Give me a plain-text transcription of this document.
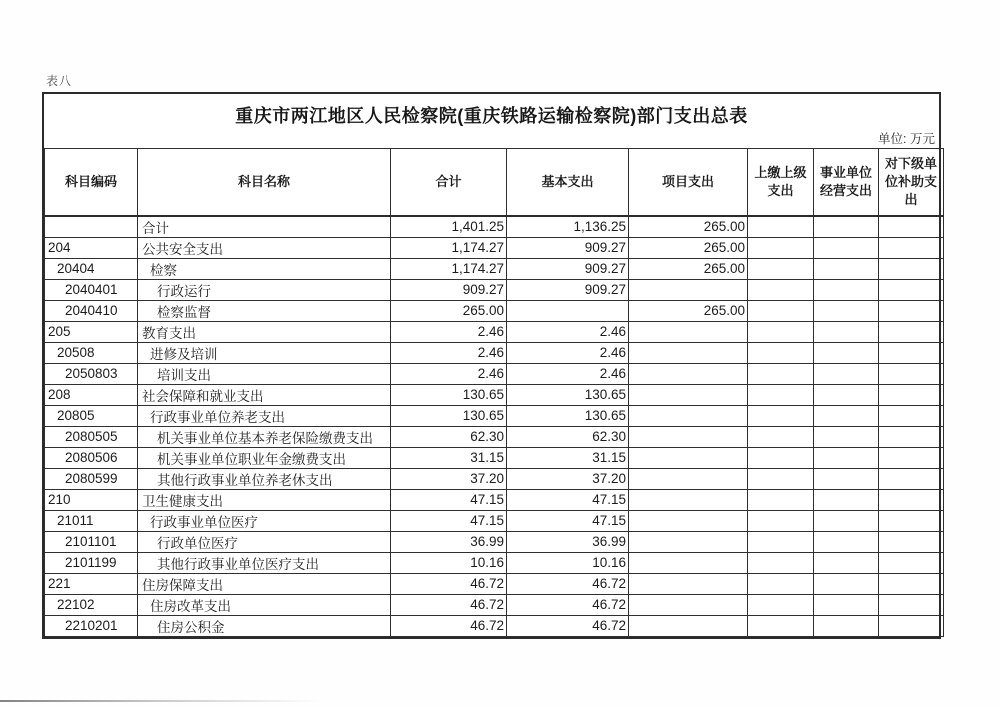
表八
重庆市两江地区人民检察院(重庆铁路运输检察院)部门支出总表
单位: 万元
科目编码	科目名称	合计	基本支出	项目支出	上缴上级支出	事业单位经营支出	对下级单位补助支出
	合计	1,401.25	1,136.25	265.00			
204	公共安全支出	1,174.27	909.27	265.00			
20404	检察	1,174.27	909.27	265.00			
2040401	行政运行	909.27	909.27				
2040410	检察监督	265.00		265.00			
205	教育支出	2.46	2.46				
20508	进修及培训	2.46	2.46				
2050803	培训支出	2.46	2.46				
208	社会保障和就业支出	130.65	130.65				
20805	行政事业单位养老支出	130.65	130.65				
2080505	机关事业单位基本养老保险缴费支出	62.30	62.30				
2080506	机关事业单位职业年金缴费支出	31.15	31.15				
2080599	其他行政事业单位养老休支出	37.20	37.20				
210	卫生健康支出	47.15	47.15				
21011	行政事业单位医疗	47.15	47.15				
2101101	行政单位医疗	36.99	36.99				
2101199	其他行政事业单位医疗支出	10.16	10.16				
221	住房保障支出	46.72	46.72				
22102	住房改革支出	46.72	46.72				
2210201	住房公积金	46.72	46.72				
